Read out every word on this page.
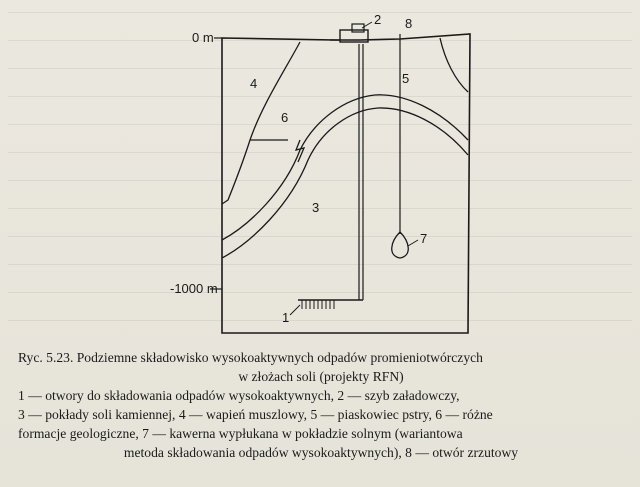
0 m
-1000 m
1
2 8
4	5
6
3
7

Ryc. 5.23. Podziemne składowisko wysokoaktywnych odpadów promieniotwórczych

w złożach soli (projekty RFN)

1 — otwory do składowania odpadów wysokoaktywnych, 2 — szyb załadowczy,

3 — pokłady soli kamiennej, 4 — wapień muszlowy, 5 — piaskowiec pstry, 6 — różne

formacje geologiczne, 7 — kawerna wypłukana w pokładzie solnym (wariantowa

metoda składowania odpadów wysokoaktywnych), 8 — otwór zrzutowy
